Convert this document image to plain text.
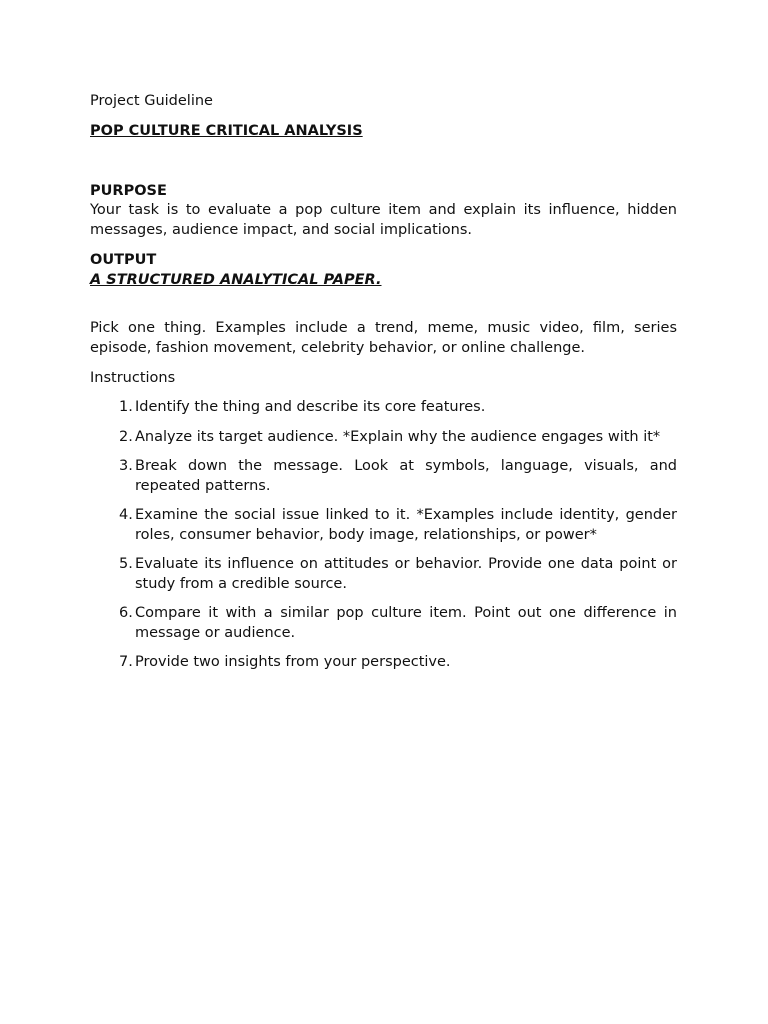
Project Guideline

POP CULTURE CRITICAL ANALYSIS

PURPOSE

Your task is to evaluate a pop culture item and explain its influence, hidden messages, audience impact, and social implications.

OUTPUT

A STRUCTURED ANALYTICAL PAPER.

Pick one thing. Examples include a trend, meme, music video, film, series episode, fashion movement, celebrity behavior, or online challenge.

Instructions

1. Identify the thing and describe its core features.
2. Analyze its target audience. *Explain why the audience engages with it*
3. Break down the message. Look at symbols, language, visuals, and repeated patterns.
4. Examine the social issue linked to it. *Examples include identity, gender roles, consumer behavior, body image, relationships, or power*
5. Evaluate its influence on attitudes or behavior. Provide one data point or study from a credible source.
6. Compare it with a similar pop culture item. Point out one difference in message or audience.
7. Provide two insights from your perspective.
